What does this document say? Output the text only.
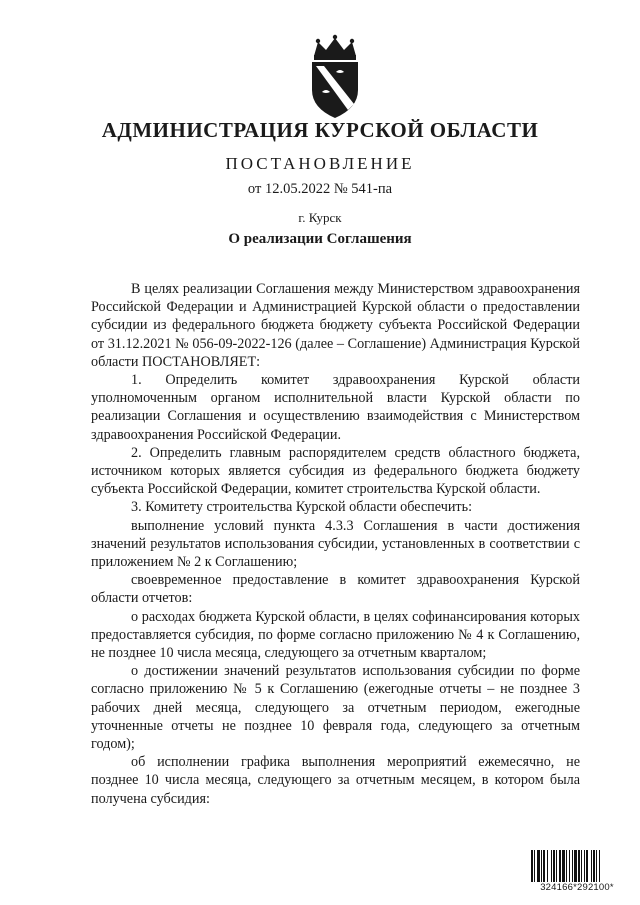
АДМИНИСТРАЦИЯ КУРСКОЙ ОБЛАСТИ
ПОСТАНОВЛЕНИЕ
от 12.05.2022 № 541-па
г. Курск
О реализации Соглашения

В целях реализации Соглашения между Министерством здравоохранения Российской Федерации и Администрацией Курской области о предоставлении субсидии из федерального бюджета бюджету субъекта Российской Федерации от 31.12.2021 № 056-09-2022-126 (далее – Соглашение) Администрация Курской области ПОСТАНОВЛЯЕТ:

1. Определить комитет здравоохранения Курской области уполномоченным органом исполнительной власти Курской области по реализации Соглашения и осуществлению взаимодействия с Министерством здравоохранения Российской Федерации.

2. Определить главным распорядителем средств областного бюджета, источником которых является субсидия из федерального бюджета бюджету субъекта Российской Федерации, комитет строительства Курской области.

3. Комитету строительства Курской области обеспечить:

выполнение условий пункта 4.3.3 Соглашения в части достижения значений результатов использования субсидии, установленных в соответствии с приложением № 2 к Соглашению;

своевременное предоставление в комитет здравоохранения Курской области отчетов:

о расходах бюджета Курской области, в целях софинансирования которых предоставляется субсидия, по форме согласно приложению № 4 к Соглашению, не позднее 10 числа месяца, следующего за отчетным кварталом;

о достижении значений результатов использования субсидии по форме согласно приложению № 5 к Соглашению (ежегодные отчеты – не позднее 3 рабочих дней месяца, следующего за отчетным периодом, ежегодные уточненные отчеты не позднее 10 февраля года, следующего за отчетным годом);

об исполнении графика выполнения мероприятий ежемесячно, не позднее 10 числа месяца, следующего за отчетным месяцем, в котором была получена субсидия:

324166*292100*
